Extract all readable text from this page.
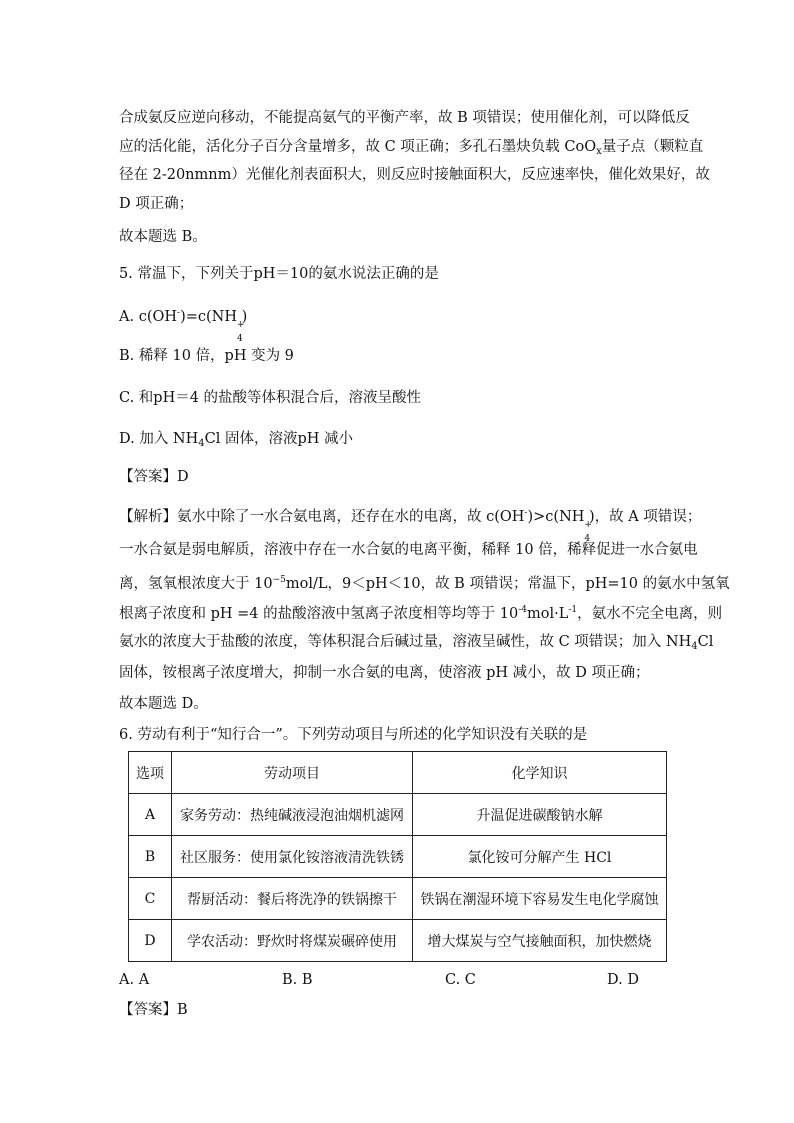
合成氨反应逆向移动，不能提高氨气的平衡产率，故 B 项错误；使用催化剂，可以降低反
应的活化能，活化分子百分含量增多，故 C 项正确；多孔石墨炔负载 CoO$_x$量子点（颗粒直
径在 2-20nmnm）光催化剂表面积大，则反应时接触面积大，反应速率快，催化效果好，故
D 项正确；
故本题选 B。
5. 常温下，下列关于pH＝10的氨水说法正确的是
A. c(OH-)=c(NH +
4
)
B. 稀释 10 倍，pH 变为 9
C. 和pH＝4 的盐酸等体积混合后，溶液呈酸性
D. 加入 $NH_4Cl$ 固体，溶液pH 减小
【答案】D
【解析】氨水中除了一水合氨电离，还存在水的电离，故 c(OH-)>c(NH +
4
)，故 A 项错误；
一水合氨是弱电解质，溶液中存在一水合氨的电离平衡，稀释 10 倍，稀释促进一水合氨电
离，氢氧根浓度大于 $10^{-5}mol/L$，9＜pH＜10，故 B 项错误；常温下，pH=10 的氨水中氢氧
根离子浓度和 pH =4 的盐酸溶液中氢离子浓度相等均等于 $10^{-4}mol\cdot L^{-1}$，氨水不完全电离，则
氨水的浓度大于盐酸的浓度，等体积混合后碱过量，溶液呈碱性，故 C 项错误；加入 $NH_4Cl$
固体，铵根离子浓度增大，抑制一水合氨的电离，使溶液 pH 减小，故 D 项正确；
故本题选 D。
6. 劳动有利于“知行合一”。下列劳动项目与所述的化学知识没有关联的是
选项	劳动项目	化学知识
A	家务劳动：热纯碱液浸泡油烟机滤网	升温促进碳酸钠水解
B	社区服务：使用氯化铵溶液清洗铁锈	氯化铵可分解产生 HCl
C	帮厨活动：餐后将洗净的铁锅擦干	铁锅在潮湿环境下容易发生电化学腐蚀
D	学农活动：野炊时将煤炭碾碎使用	增大煤炭与空气接触面积，加快燃烧
A. A	B. B	C. C	D. D
【答案】B
